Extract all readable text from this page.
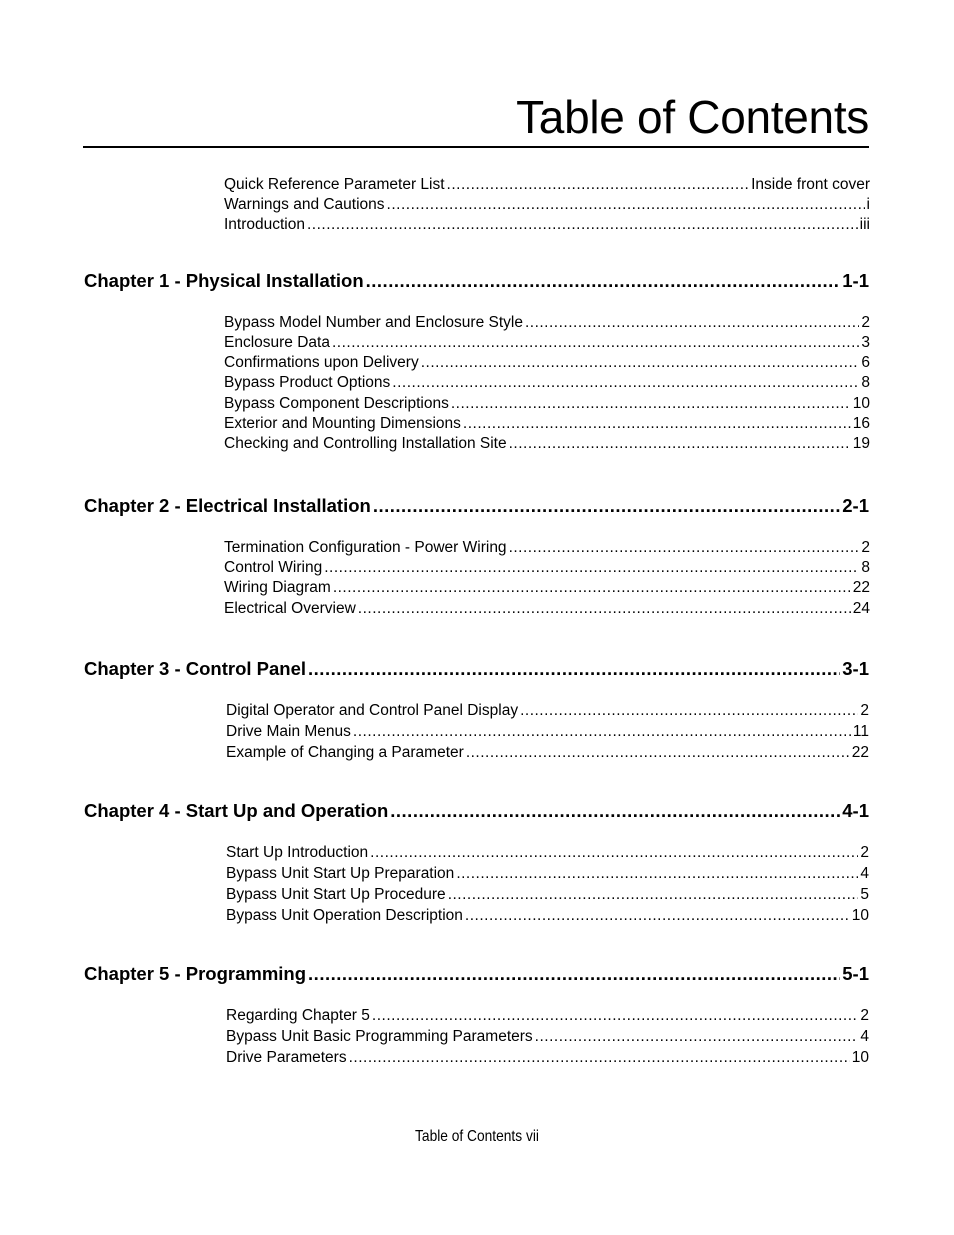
Table of Contents
Quick Reference Parameter List .....	Inside front cover
Warnings and Cautions .....	i
Introduction .....	iii
Chapter 1 - Physical Installation .....	1-1
Bypass Model Number and Enclosure Style .....	2
Enclosure Data .....	3
Confirmations upon Delivery .....	6
Bypass Product Options .....	8
Bypass Component Descriptions .....	10
Exterior and Mounting Dimensions .....	16
Checking and Controlling Installation Site .....	19
Chapter 2 - Electrical Installation .....	2-1
Termination Configuration - Power Wiring .....	2
Control Wiring .....	8
Wiring Diagram .....	22
Electrical Overview .....	24
Chapter 3 - Control Panel .....	3-1
Digital Operator and Control Panel Display .....	2
Drive Main Menus .....	11
Example of Changing a Parameter .....	22
Chapter 4 - Start Up and Operation .....	4-1
Start Up Introduction .....	2
Bypass Unit Start Up Preparation .....	4
Bypass Unit Start Up Procedure .....	5
Bypass Unit Operation Description .....	10
Chapter 5 - Programming .....	5-1
Regarding Chapter 5 .....	2
Bypass Unit Basic Programming Parameters .....	4
Drive Parameters .....	10
Table of Contents vii
